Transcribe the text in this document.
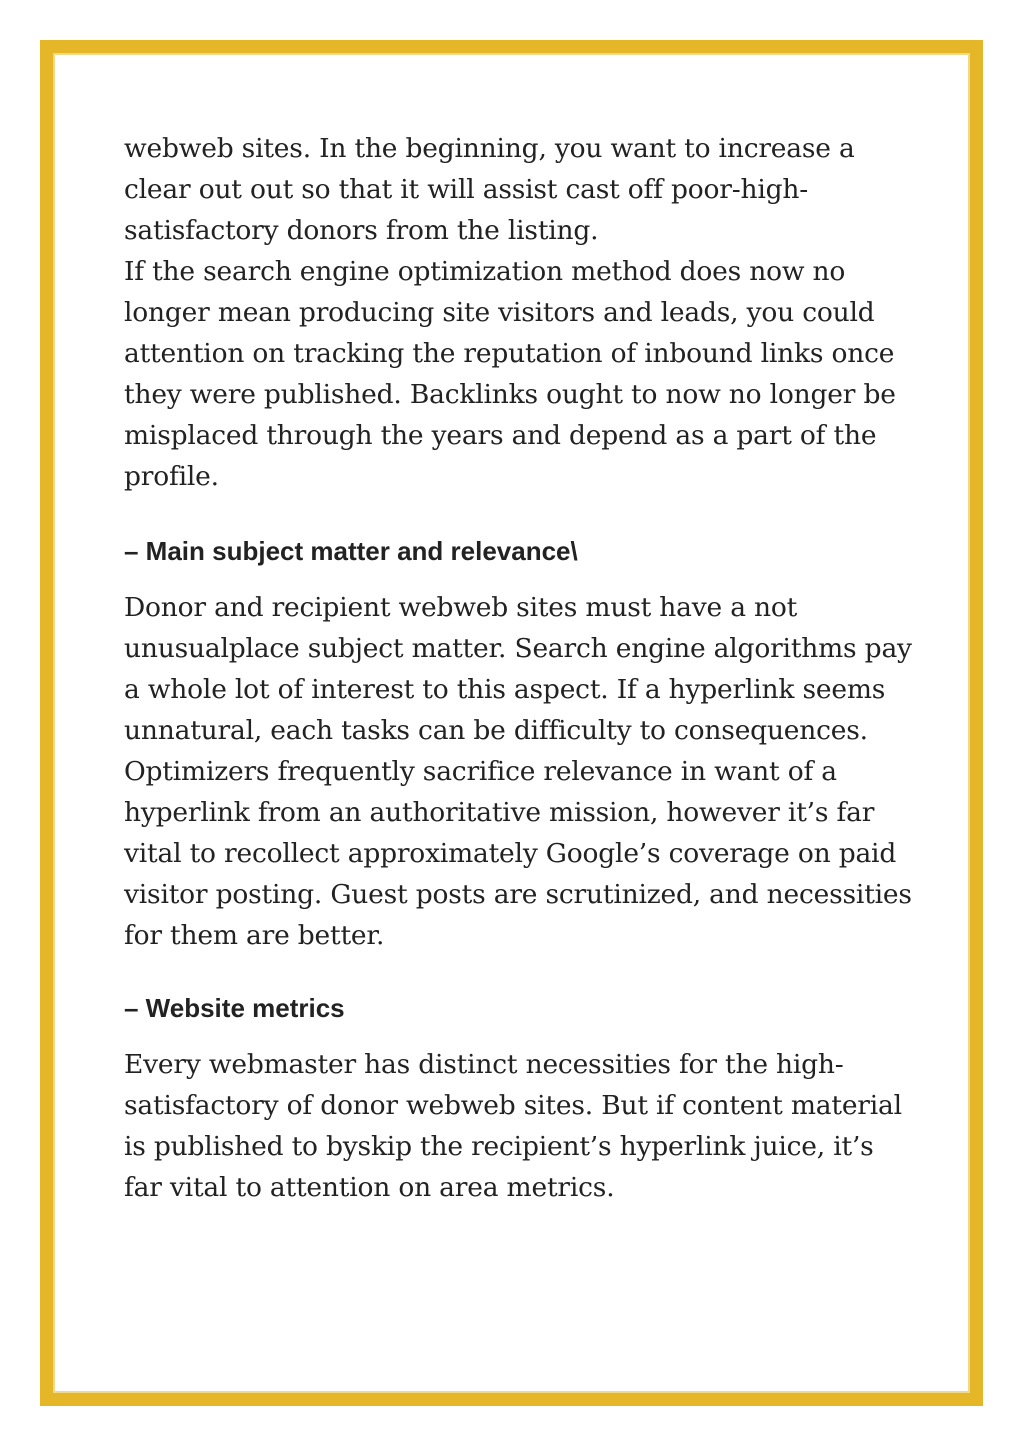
webweb sites. In the beginning, you want to increase a clear out out so that it will assist cast off poor-high-satisfactory donors from the listing.

If the search engine optimization method does now no longer mean producing site visitors and leads, you could attention on tracking the reputation of inbound links once they were published. Backlinks ought to now no longer be misplaced through the years and depend as a part of the profile.

– Main subject matter and relevance\

Donor and recipient webweb sites must have a not unusualplace subject matter. Search engine algorithms pay a whole lot of interest to this aspect. If a hyperlink seems unnatural, each tasks can be difficulty to consequences.

Optimizers frequently sacrifice relevance in want of a hyperlink from an authoritative mission, however it’s far vital to recollect approximately Google’s coverage on paid visitor posting. Guest posts are scrutinized, and necessities for them are better.

– Website metrics

Every webmaster has distinct necessities for the high-satisfactory of donor webweb sites. But if content material is published to byskip the recipient’s hyperlink juice, it’s far vital to attention on area metrics.
